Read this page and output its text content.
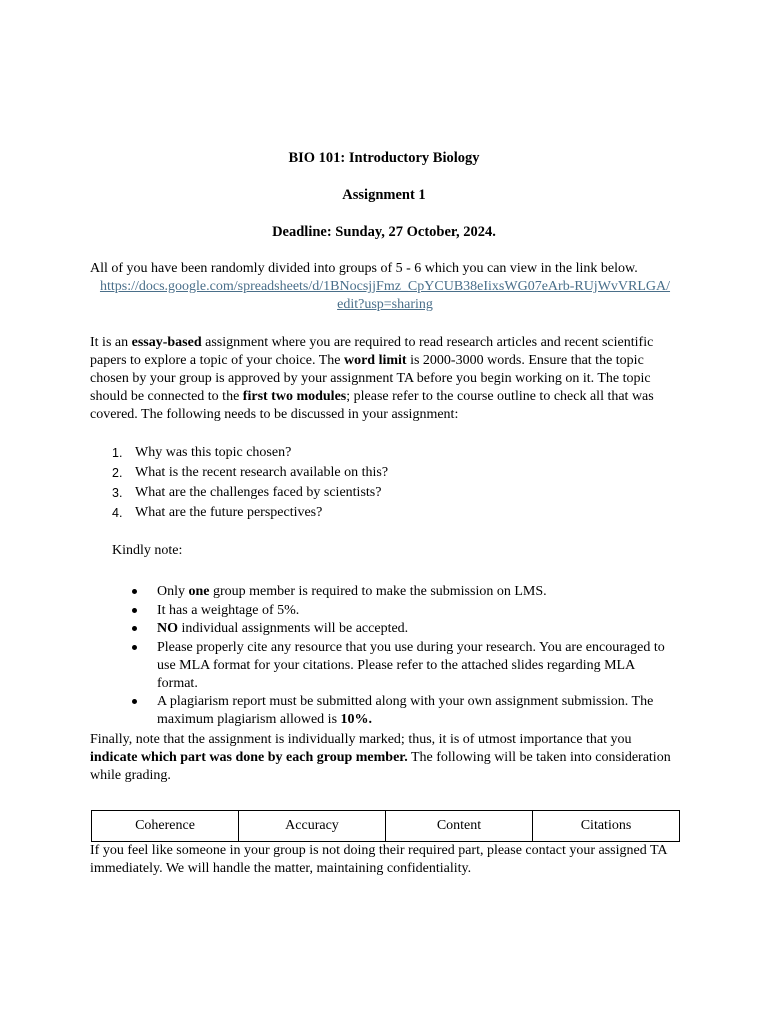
BIO 101: Introductory Biology
Assignment 1
Deadline: Sunday, 27 October, 2024.
All of you have been randomly divided into groups of 5 - 6 which you can view in the link below.
https://docs.google.com/spreadsheets/d/1BNocsjjFmz_CpYCUB38eIixsWG07eArb-RUjWvVRLGA/
edit?usp=sharing
It is an essay-based assignment where you are required to read research articles and recent scientific papers to explore a topic of your choice. The word limit is 2000-3000 words. Ensure that the topic chosen by your group is approved by your assignment TA before you begin working on it. The topic should be connected to the first two modules; please refer to the course outline to check all that was covered. The following needs to be discussed in your assignment:
1. Why was this topic chosen?
2. What is the recent research available on this?
3. What are the challenges faced by scientists?
4. What are the future perspectives?
Kindly note:
Only one group member is required to make the submission on LMS.
It has a weightage of 5%.
NO individual assignments will be accepted.
Please properly cite any resource that you use during your research. You are encouraged to use MLA format for your citations. Please refer to the attached slides regarding MLA format.
A plagiarism report must be submitted along with your own assignment submission. The maximum plagiarism allowed is 10%.
Finally, note that the assignment is individually marked; thus, it is of utmost importance that you indicate which part was done by each group member. The following will be taken into consideration while grading.
Coherence	Accuracy	Content	Citations
If you feel like someone in your group is not doing their required part, please contact your assigned TA immediately. We will handle the matter, maintaining confidentiality.
